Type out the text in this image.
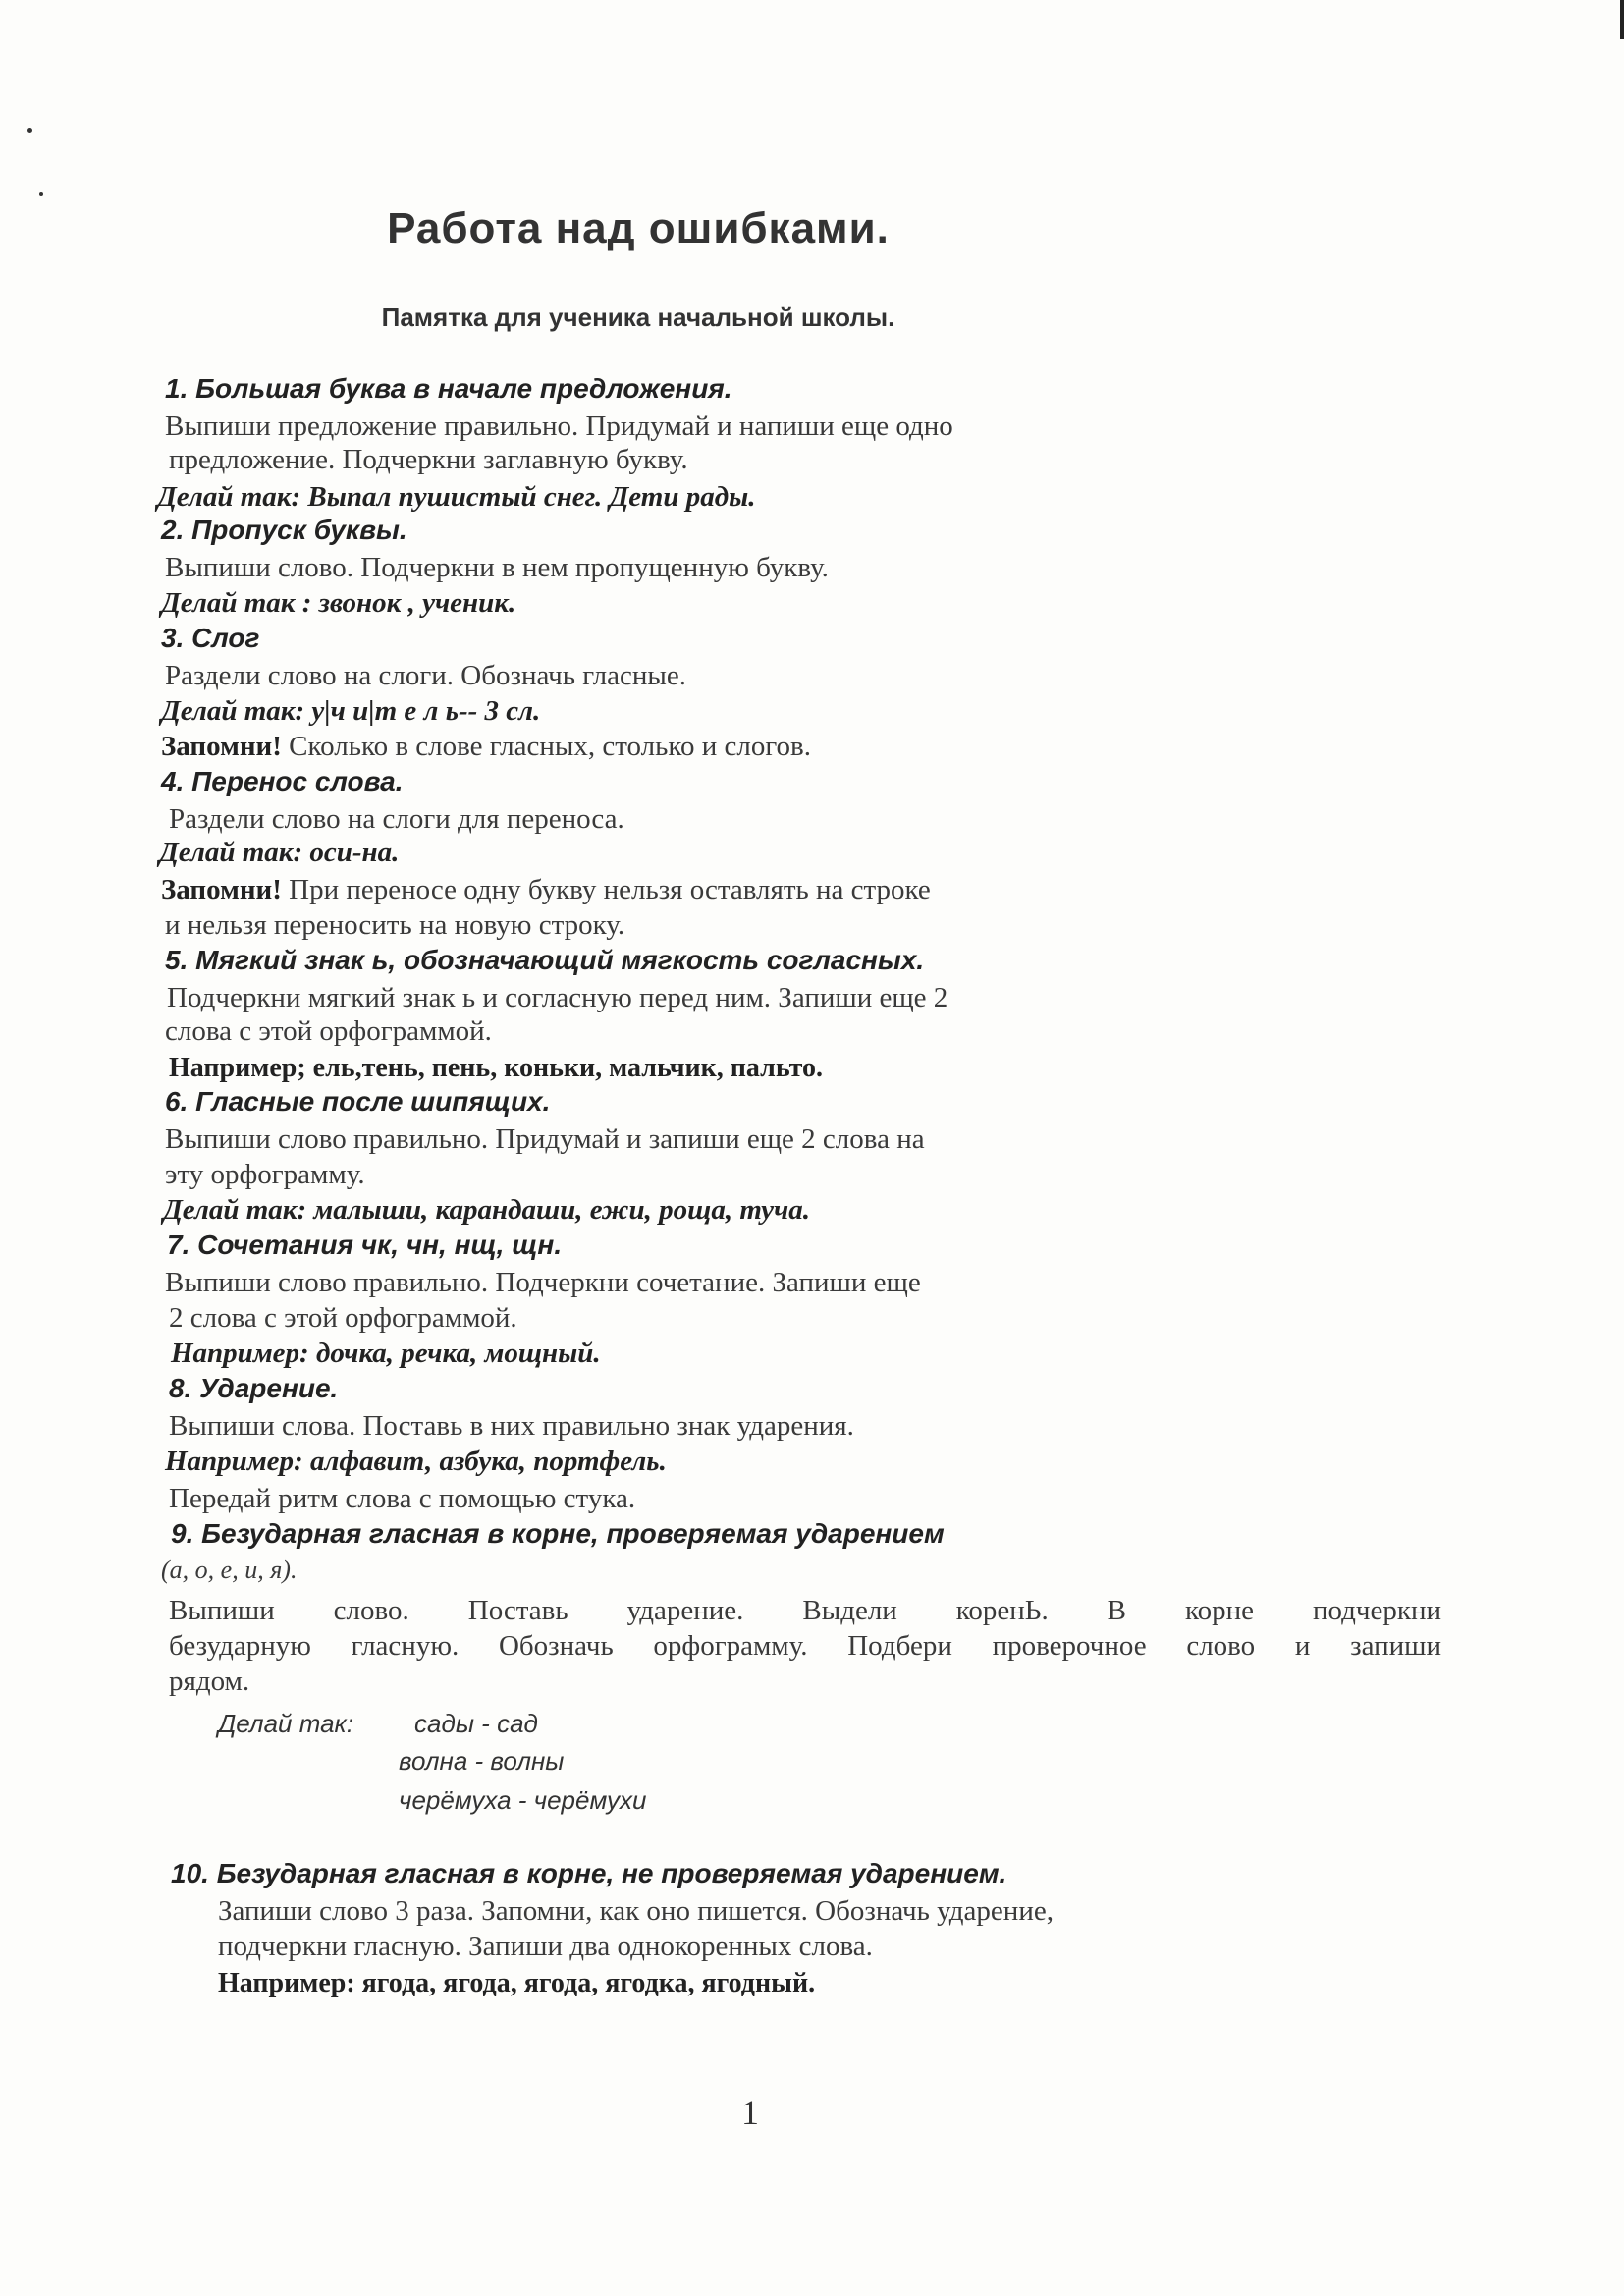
Работа над ошибками.
Памятка для ученика начальной школы.
1. Большая буква в начале предложения.
Выпиши предложение правильно. Придумай и напиши еще одно
предложение. Подчеркни заглавную букву.
Делай так: Выпал пушистый снег. Дети рады.
2. Пропуск буквы.
Выпиши слово. Подчеркни в нем пропущенную букву.
Делай так : звонок , ученик.
3. Слог
Раздели слово на слоги. Обозначь гласные.
Делай так: у|ч и|т е л ь-- 3 сл.
Запомни! Сколько в слове гласных, столько и слогов.
4. Перенос слова.
Раздели слово на слоги для переноса.
Делай так: оси-на.
Запомни! При переносе одну букву нельзя оставлять на строке
и нельзя переносить на новую строку.
5. Мягкий знак ь, обозначающий мягкость согласных.
Подчеркни мягкий знак ь и согласную перед ним. Запиши еще 2
слова с этой орфограммой.
Например; ель,тень, пень, коньки, мальчик, пальто.
6. Гласные после шипящих.
Выпиши слово правильно. Придумай и запиши еще 2 слова на
эту орфограмму.
Делай так: малыши, карандаши, ежи, роща, туча.
7. Сочетания чк, чн, нщ, щн.
Выпиши слово правильно. Подчеркни сочетание. Запиши еще
2 слова с этой орфограммой.
Например: дочка, речка, мощный.
8. Ударение.
Выпиши слова. Поставь в них правильно знак ударения.
Например: алфавит, азбука, портфель.
Передай ритм слова с помощью стука.
9. Безударная гласная в корне, проверяемая ударением
(а, о, е, и, я).
Выпиши слово. Поставь ударение. Выдели коренЬ. В корне подчеркни
безударную гласную. Обозначь орфограмму. Подбери проверочное слово и запиши
рядом.
Делай так: сады - сад
волна - волны
черёмуха - черёмухи
10. Безударная гласная в корне, не проверяемая ударением.
Запиши слово 3 раза. Запомни, как оно пишется. Обозначь ударение,
подчеркни гласную. Запиши два однокоренных слова.
Например: ягода, ягода, ягода, ягодка, ягодный.
1
